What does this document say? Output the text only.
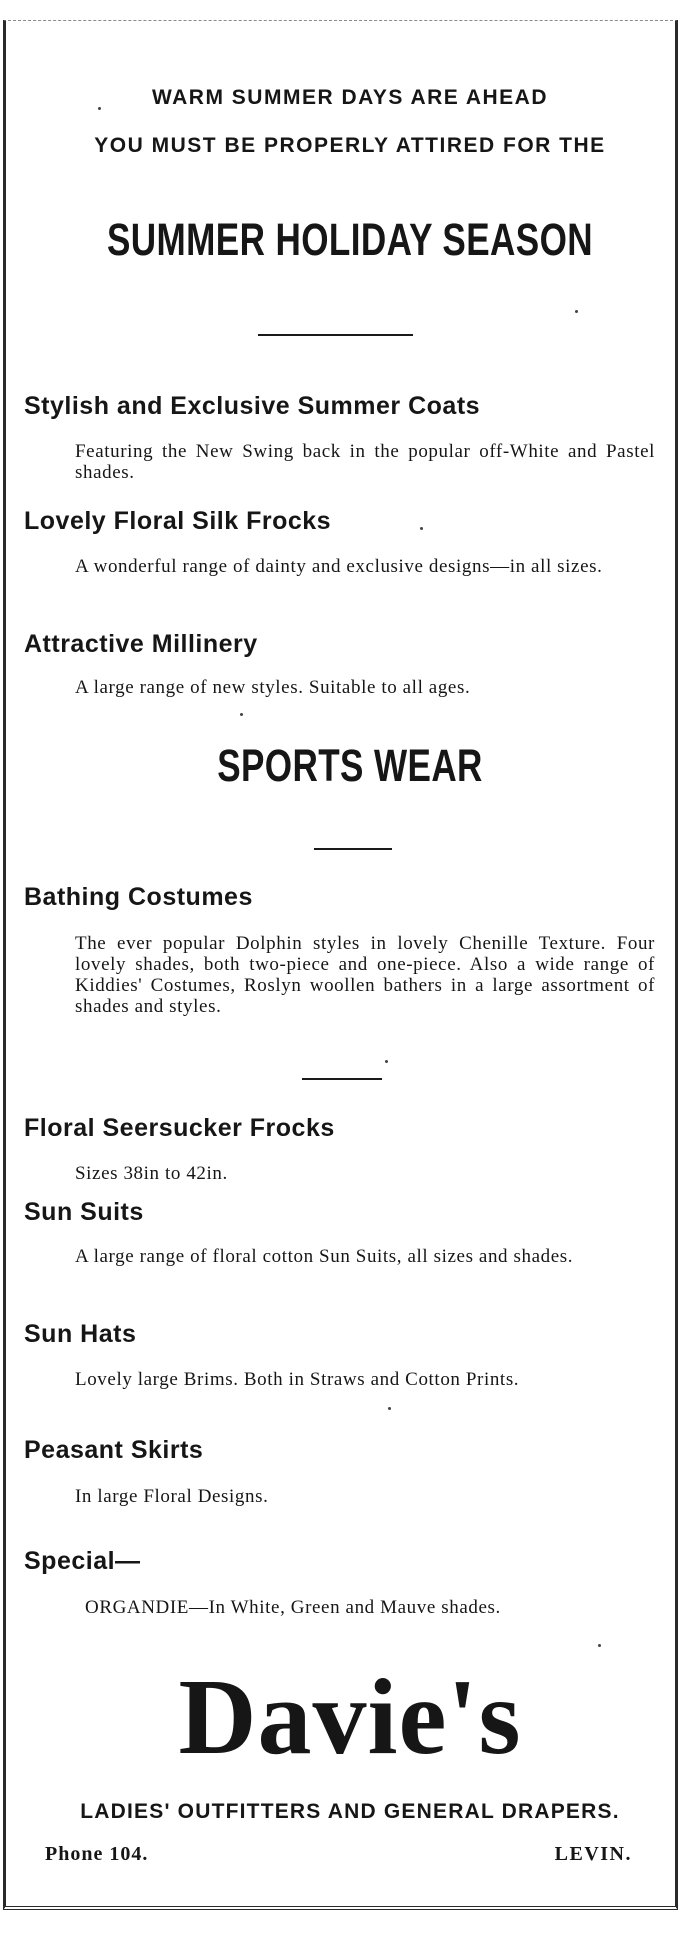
WARM SUMMER DAYS ARE AHEAD

YOU MUST BE PROPERLY ATTIRED FOR THE

SUMMER HOLIDAY SEASON
Stylish and Exclusive Summer Coats

Featuring the New Swing back in the popular off-White and Pastel shades.

Lovely Floral Silk Frocks

A wonderful range of dainty and exclusive designs—in all sizes.

Attractive Millinery

A large range of new styles. Suitable to all ages.

SPORTS WEAR
Bathing Costumes

The ever popular Dolphin styles in lovely Chenille Texture. Four lovely shades, both two-piece and one-piece. Also a wide range of Kiddies' Costumes, Roslyn woollen bathers in a large assortment of shades and styles.

Floral Seersucker Frocks

Sizes 38in to 42in.

Sun Suits

A large range of floral cotton Sun Suits, all sizes and shades.

Sun Hats

Lovely large Brims. Both in Straws and Cotton Prints.

Peasant Skirts

In large Floral Designs.

Special—

ORGANDIE—In White, Green and Mauve shades.

Davie's

LADIES' OUTFITTERS AND GENERAL DRAPERS.

Phone 104.	LEVIN.
